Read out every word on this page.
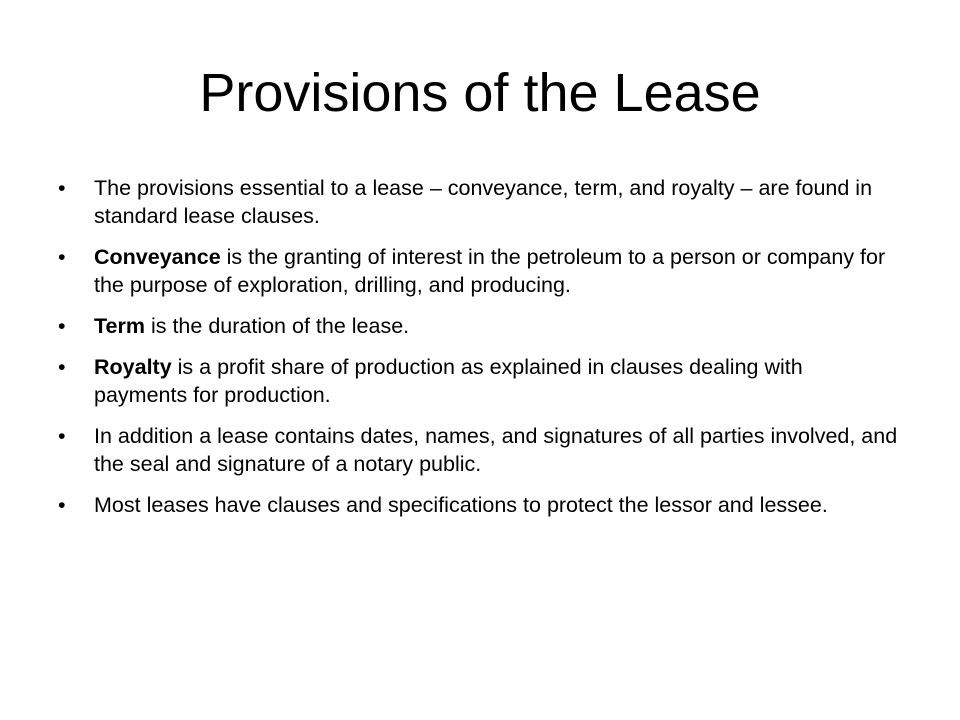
Provisions of the Lease
•	The provisions essential to a lease – conveyance, term, and royalty – are found in standard lease clauses.
•	Conveyance is the granting of interest in the petroleum to a person or company for the purpose of exploration, drilling, and producing.
•	Term is the duration of the lease.
•	Royalty is a profit share of production as explained in clauses dealing with payments for production.
•	In addition a lease contains dates, names, and signatures of all parties involved, and the seal and signature of a notary public.
•	Most leases have clauses and specifications to protect the lessor and lessee.
